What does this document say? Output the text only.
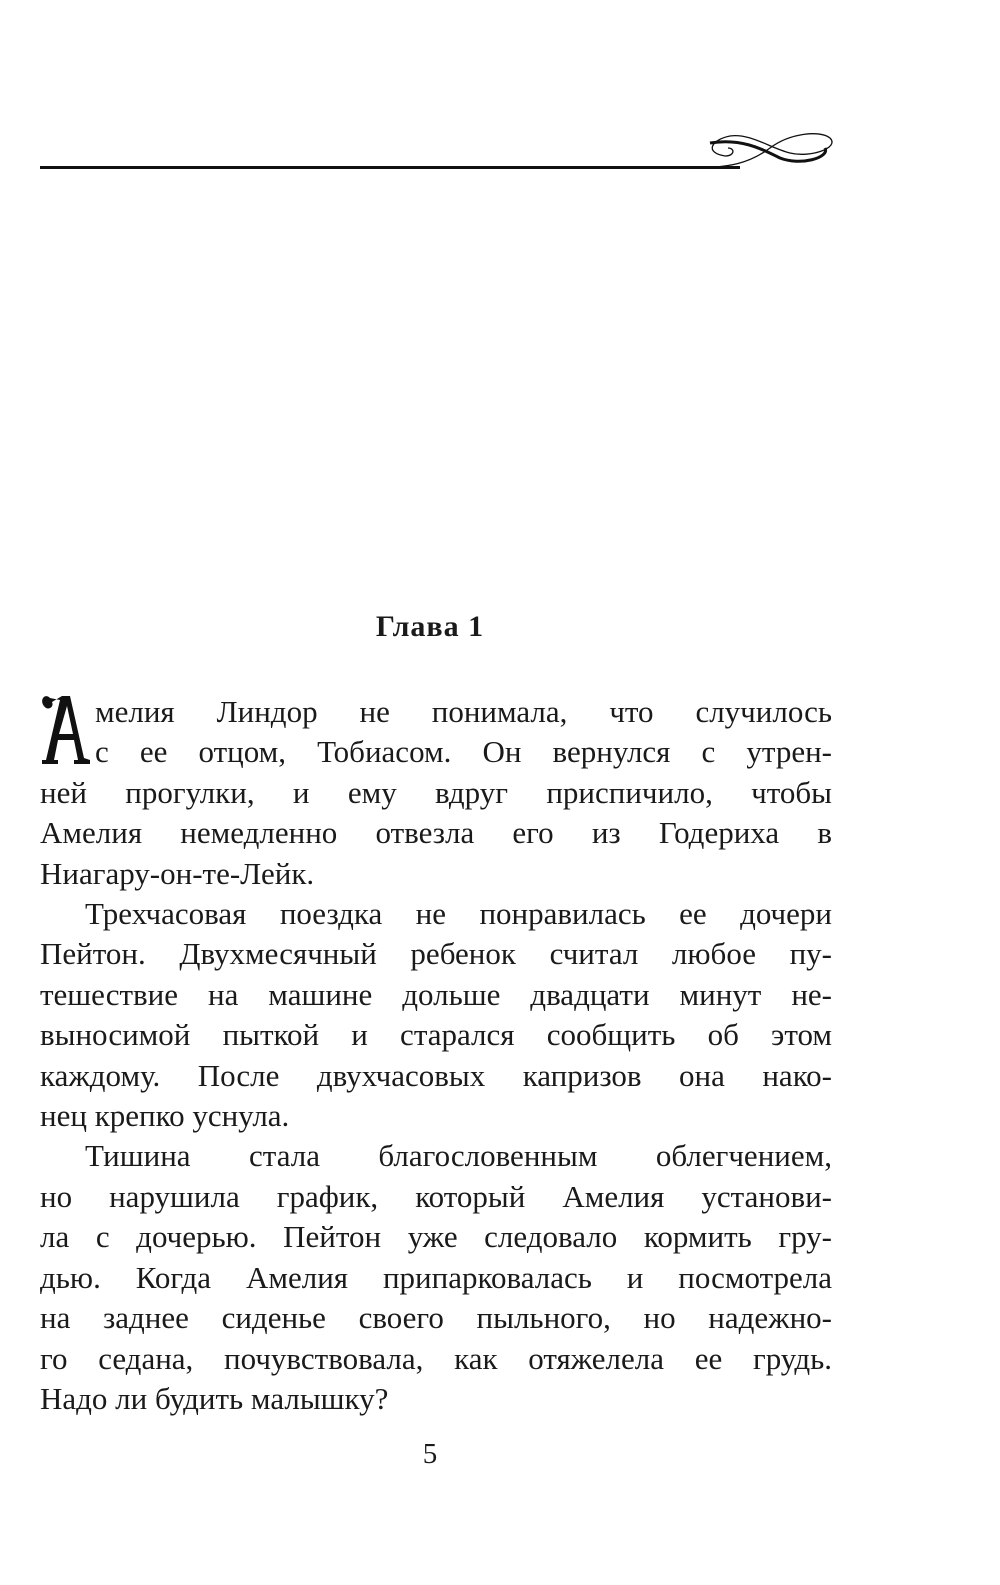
Глава 1
А
мелия Линдор не понимала, что случилось
с ее отцом, Тобиасом. Он вернулся с утрен-
ней прогулки, и ему вдруг приспичило, чтобы
Амелия немедленно отвезла его из Годериха в
Ниагару-он-те-Лейк.
Трехчасовая поездка не понравилась ее дочери
Пейтон. Двухмесячный ребенок считал любое пу-
тешествие на машине дольше двадцати минут не-
выносимой пыткой и старался сообщить об этом
каждому. После двухчасовых капризов она нако-
нец крепко уснула.
Тишина стала благословенным облегчением,
но нарушила график, который Амелия установи-
ла с дочерью. Пейтон уже следовало кормить гру-
дью. Когда Амелия припарковалась и посмотрела
на заднее сиденье своего пыльного, но надежно-
го седана, почувствовала, как отяжелела ее грудь.
Надо ли будить малышку?
5
